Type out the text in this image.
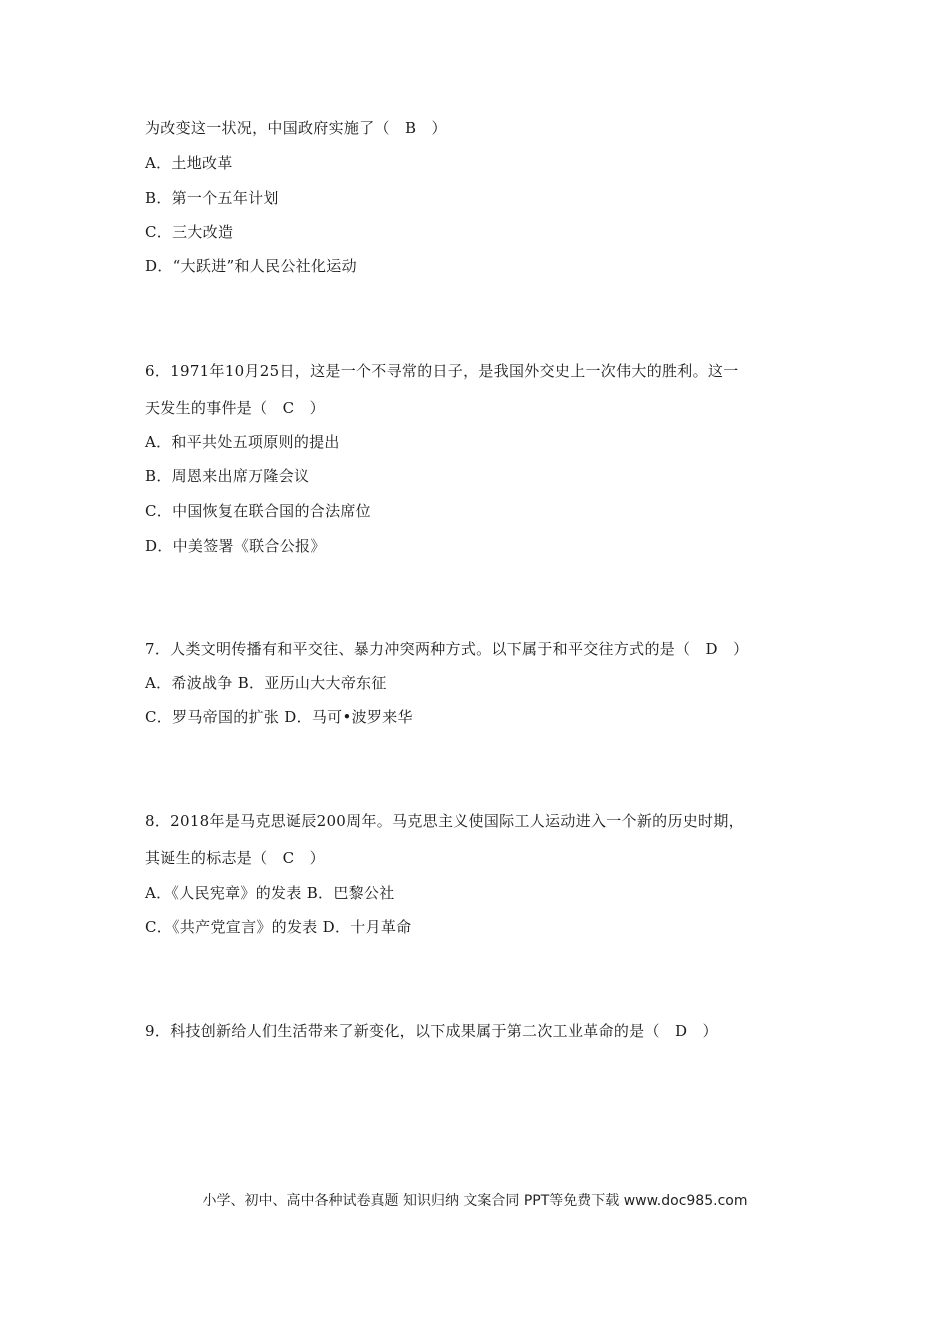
为改变这一状况，中国政府实施了（   B   ）
A．土地改革
B．第一个五年计划
C．三大改造
D．“大跃进”和人民公社化运动
6．1971年10月25日，这是一个不寻常的日子，是我国外交史上一次伟大的胜利。这一
天发生的事件是（   C   ）
A．和平共处五项原则的提出
B．周恩来出席万隆会议
C．中国恢复在联合国的合法席位
D．中美签署《联合公报》
7．人类文明传播有和平交往、暴力冲突两种方式。以下属于和平交往方式的是（   D   ）
A．希波战争 B．亚历山大大帝东征
C．罗马帝国的扩张 D．马可•波罗来华
8．2018年是马克思诞辰200周年。马克思主义使国际工人运动进入一个新的历史时期，
其诞生的标志是（   C   ）
A．《人民宪章》的发表 B．巴黎公社
C．《共产党宣言》的发表 D．十月革命
9．科技创新给人们生活带来了新变化，以下成果属于第二次工业革命的是（   D   ）
小学、初中、高中各种试卷真题 知识归纳 文案合同 PPT等免费下载 www.doc985.com
